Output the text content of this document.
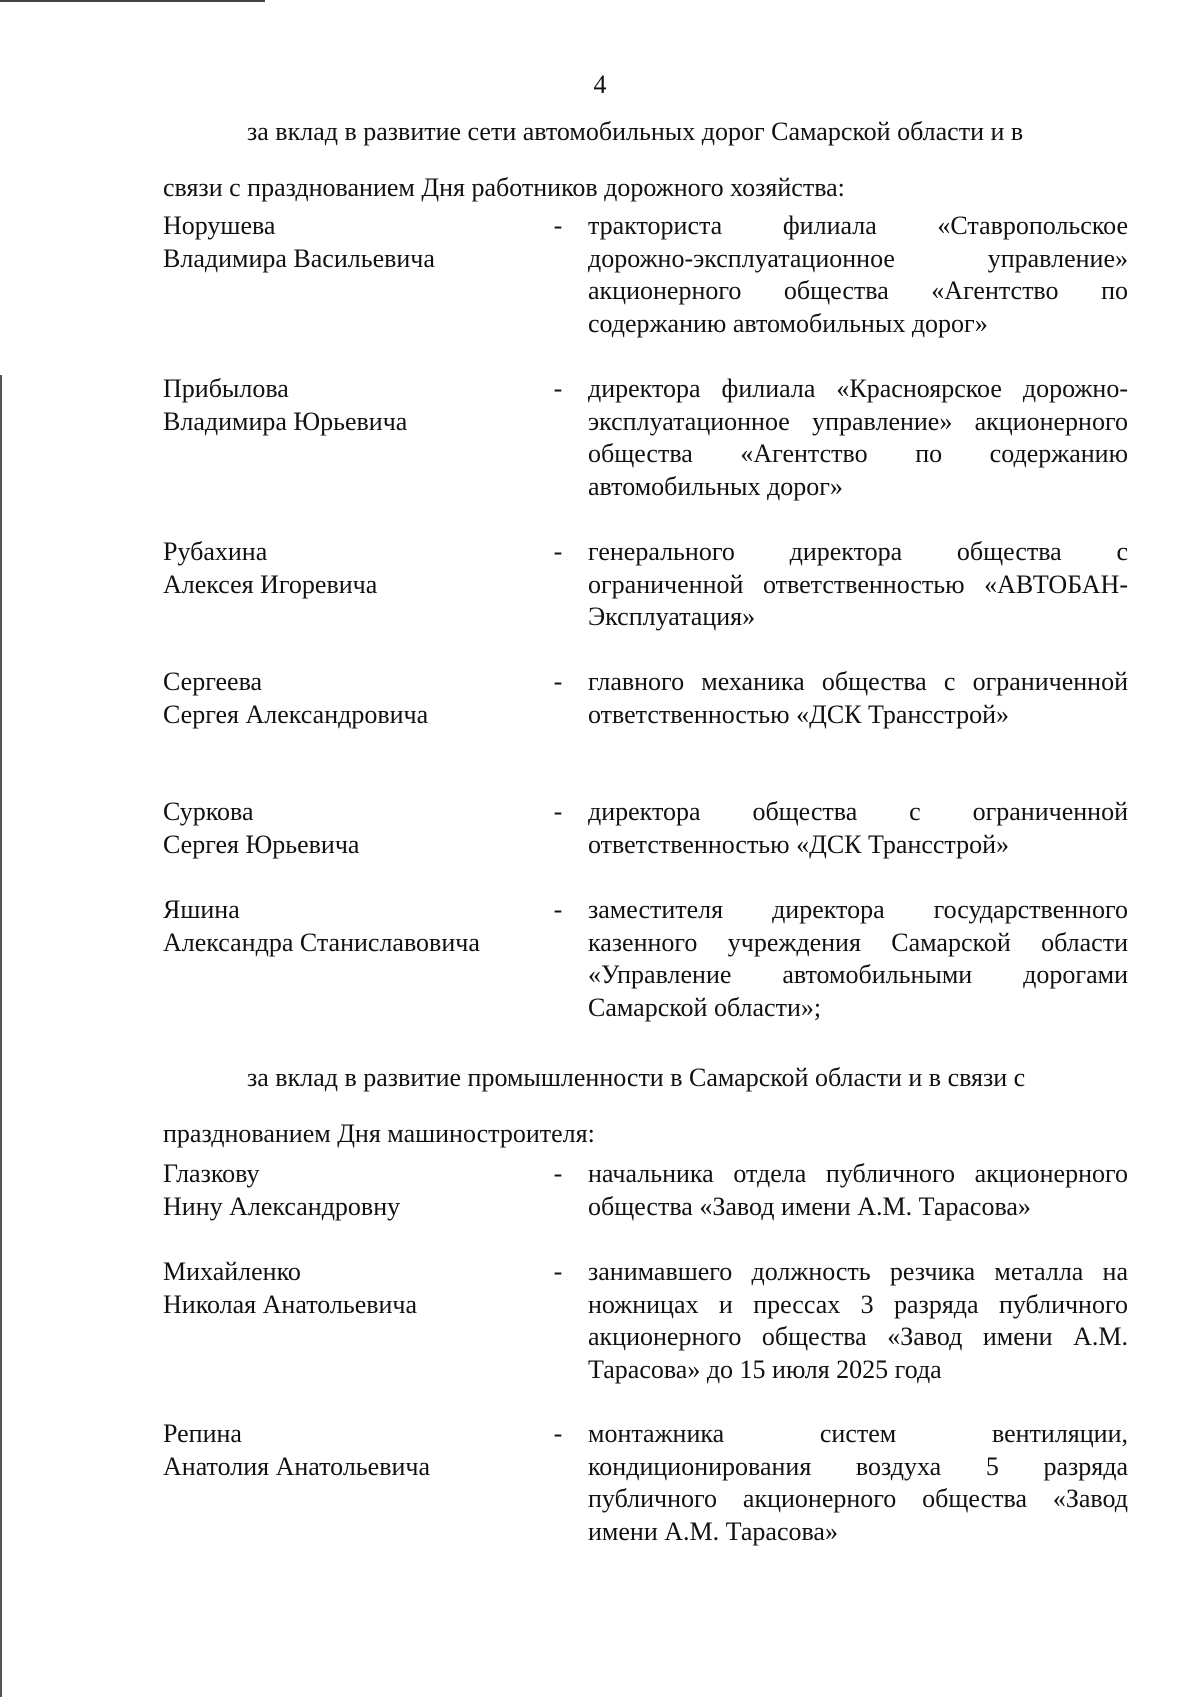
4
за вклад в развитие сети автомобильных дорог Самарской области и в
связи с празднованием Дня работников дорожного хозяйства:
Норушева
Владимира Васильевича
- тракториста филиала «Ставропольское дорожно-эксплуатационное управление» акционерного общества «Агентство по содержанию автомобильных дорог»
Прибылова
Владимира Юрьевича
- директора филиала «Красноярское дорожно-эксплуатационное управление» акционерного общества «Агентство по содержанию автомобильных дорог»
Рубахина
Алексея Игоревича
- генерального директора общества с ограниченной ответственностью «АВТОБАН-Эксплуатация»
Сергеева
Сергея Александровича
- главного механика общества с ограниченной ответственностью «ДСК Трансстрой»
Суркова
Сергея Юрьевича
- директора общества с ограниченной ответственностью «ДСК Трансстрой»
Яшина
Александра Станиславовича
- заместителя директора государственного казенного учреждения Самарской области «Управление автомобильными дорогами Самарской области»;
за вклад в развитие промышленности в Самарской области и в связи с
празднованием Дня машиностроителя:
Глазкову
Нину Александровну
- начальника отдела публичного акционерного общества «Завод имени А.М. Тарасова»
Михайленко
Николая Анатольевича
- занимавшего должность резчика металла на ножницах и прессах 3 разряда публичного акционерного общества «Завод имени А.М. Тарасова» до 15 июля 2025 года
Репина
Анатолия Анатольевича
- монтажника систем вентиляции, кондиционирования воздуха 5 разряда публичного акционерного общества «Завод имени А.М. Тарасова»
